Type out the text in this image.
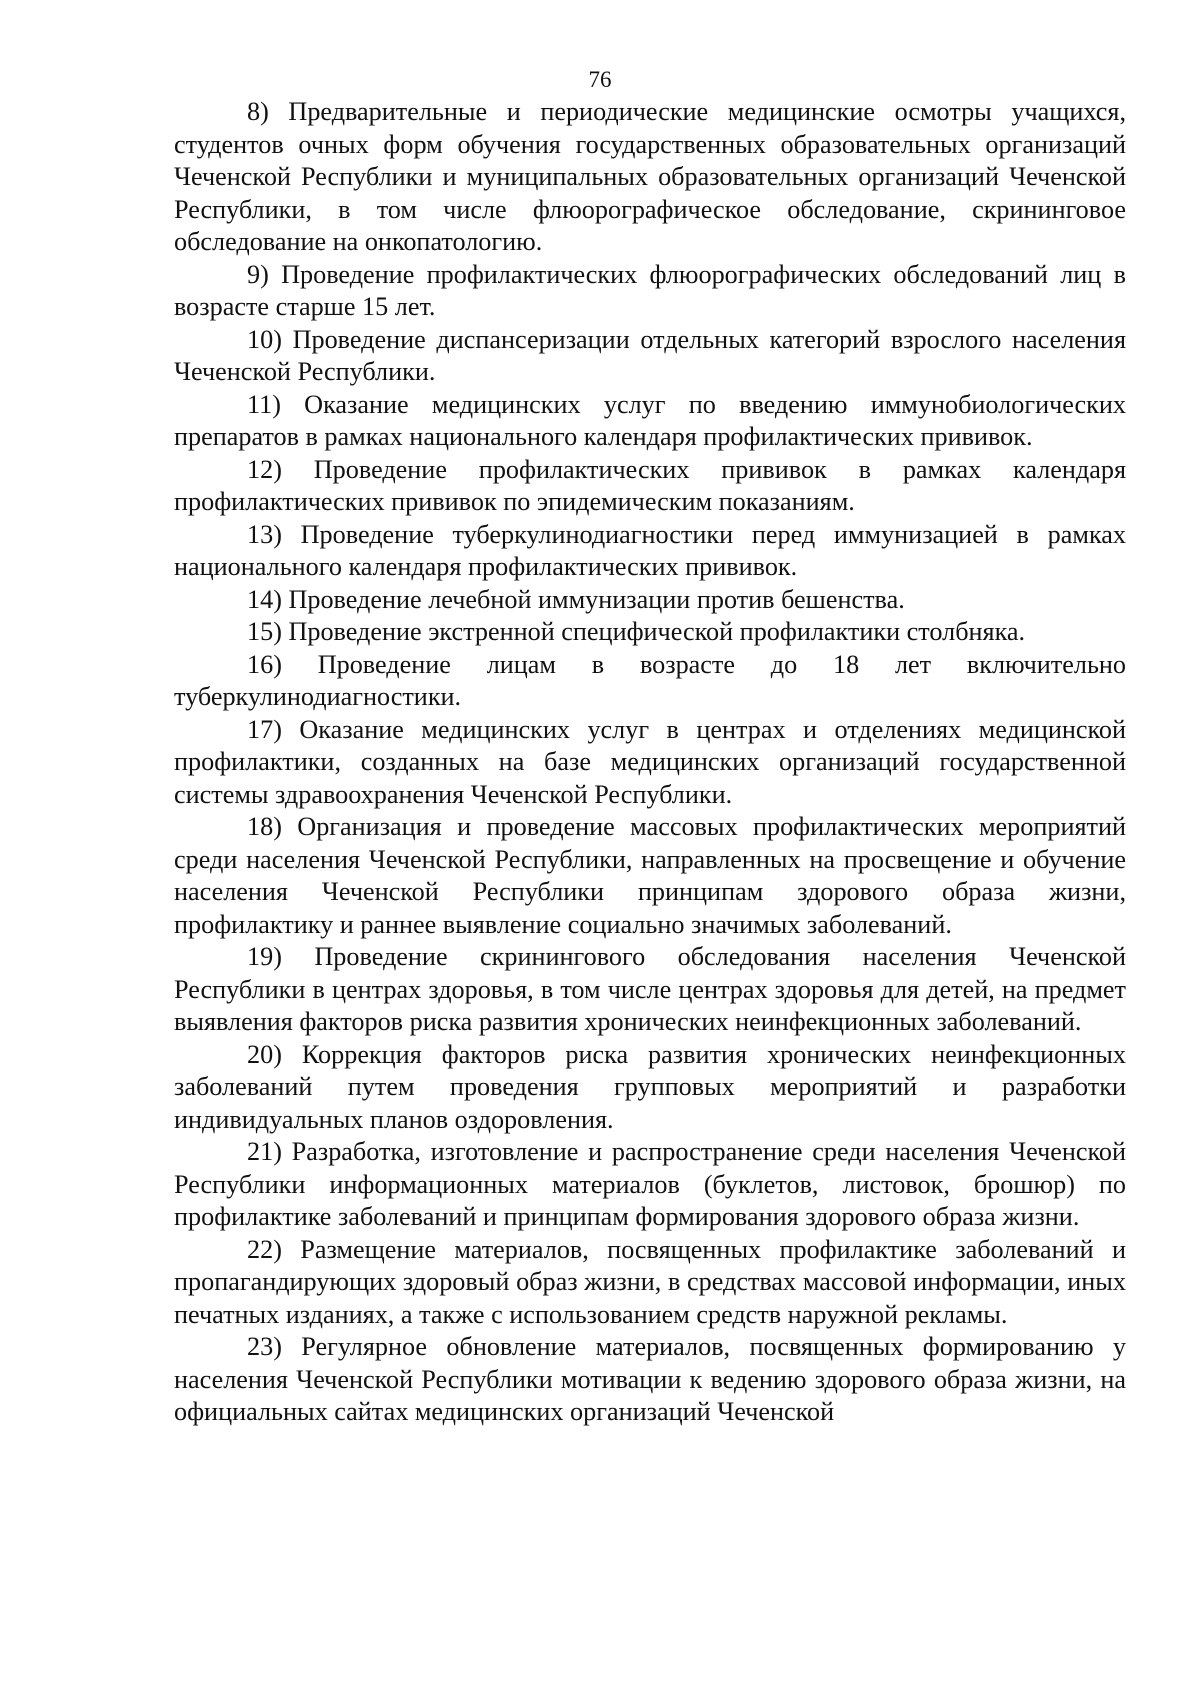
76

8) Предварительные и периодические медицинские осмотры учащихся, студентов очных форм обучения государственных образовательных организаций Чеченской Республики и муниципальных образовательных организаций Чеченской Республики, в том числе флюорографическое обследование, скрининговое обследование на онкопатологию.

9) Проведение профилактических флюорографических обследований лиц в возрасте старше 15 лет.

10) Проведение диспансеризации отдельных категорий взрослого населения Чеченской Республики.

11) Оказание медицинских услуг по введению иммунобиологических препаратов в рамках национального календаря профилактических прививок.

12) Проведение профилактических прививок в рамках календаря профилактических прививок по эпидемическим показаниям.

13) Проведение туберкулинодиагностики перед иммунизацией в рамках национального календаря профилактических прививок.

14) Проведение лечебной иммунизации против бешенства.

15) Проведение экстренной специфической профилактики столбняка.

16) Проведение лицам в возрасте до 18 лет включительно туберкулинодиагностики.

17) Оказание медицинских услуг в центрах и отделениях медицинской профилактики, созданных на базе медицинских организаций государственной системы здравоохранения Чеченской Республики.

18) Организация и проведение массовых профилактических мероприятий среди населения Чеченской Республики, направленных на просвещение и обучение населения Чеченской Республики принципам здорового образа жизни, профилактику и раннее выявление социально значимых заболеваний.

19) Проведение скринингового обследования населения Чеченской Республики в центрах здоровья, в том числе центрах здоровья для детей, на предмет выявления факторов риска развития хронических неинфекционных заболеваний.

20) Коррекция факторов риска развития хронических неинфекционных заболеваний путем проведения групповых мероприятий и разработки индивидуальных планов оздоровления.

21) Разработка, изготовление и распространение среди населения Чеченской Республики информационных материалов (буклетов, листовок, брошюр) по профилактике заболеваний и принципам формирования здорового образа жизни.

22) Размещение материалов, посвященных профилактике заболеваний и пропагандирующих здоровый образ жизни, в средствах массовой информации, иных печатных изданиях, а также с использованием средств наружной рекламы.

23) Регулярное обновление материалов, посвященных формированию у населения Чеченской Республики мотивации к ведению здорового образа жизни, на официальных сайтах медицинских организаций Чеченской
